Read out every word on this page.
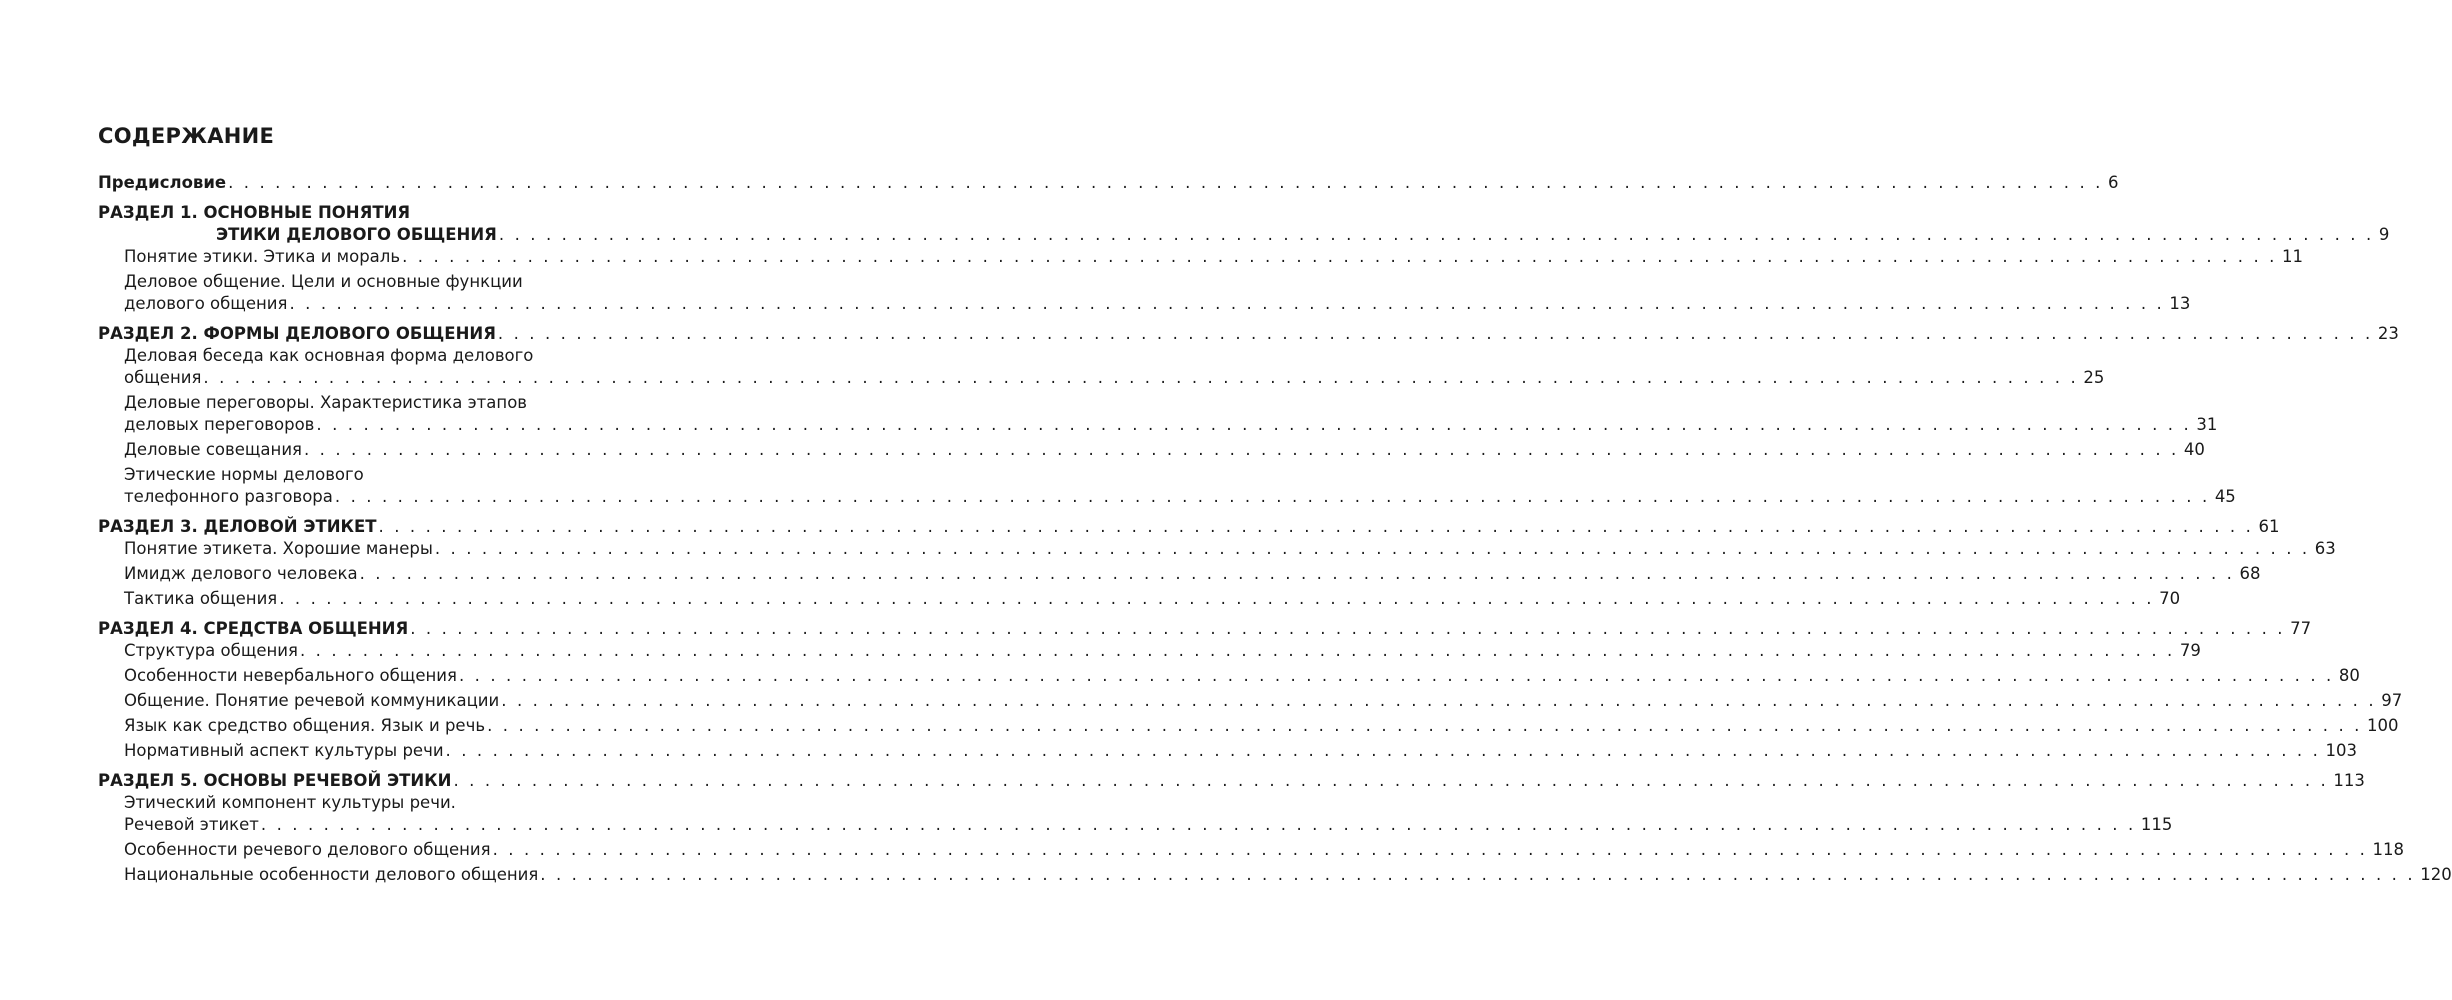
СОДЕРЖАНИЕ
Предисловие . . . . . . . . . . . . . . . . . . . . . . . . . . . . . . . . . . . . . . . . . . . . . . . . . . . . . . . . . . . . . . . . . . . . . . . . . . . . . . . . . . . . . . . . . . . . . . . . . . . . . . . . . . . . . . . . . . . . . . . . 6
РАЗДЕЛ 1. ОСНОВНЫЕ ПОНЯТИЯ
ЭТИКИ ДЕЛОВОГО ОБЩЕНИЯ . . . . . . . . . . . . . . . . . . . . . . . . . . . . . . . . . . . . . . . . . . . . . . . . . . . . . . . . . . . . . . . . . . . . . . . . . . . . . . . . . . . . . . . . . . . . . . . . . . . . . . . . . . . . . . . . . . . . . . . . 9
Понятие этики. Этика и мораль . . . . . . . . . . . . . . . . . . . . . . . . . . . . . . . . . . . . . . . . . . . . . . . . . . . . . . . . . . . . . . . . . . . . . . . . . . . . . . . . . . . . . . . . . . . . . . . . . . . . . . . . . . . . . . . . . . . . . . . . 11
Деловое общение. Цели и основные функции
делового общения . . . . . . . . . . . . . . . . . . . . . . . . . . . . . . . . . . . . . . . . . . . . . . . . . . . . . . . . . . . . . . . . . . . . . . . . . . . . . . . . . . . . . . . . . . . . . . . . . . . . . . . . . . . . . . . . . . . . . . . . 13
РАЗДЕЛ 2. ФОРМЫ ДЕЛОВОГО ОБЩЕНИЯ . . . . . . . . . . . . . . . . . . . . . . . . . . . . . . . . . . . . . . . . . . . . . . . . . . . . . . . . . . . . . . . . . . . . . . . . . . . . . . . . . . . . . . . . . . . . . . . . . . . . . . . . . . . . . . . . . . . . . . . . 23
Деловая беседа как основная форма делового
общения . . . . . . . . . . . . . . . . . . . . . . . . . . . . . . . . . . . . . . . . . . . . . . . . . . . . . . . . . . . . . . . . . . . . . . . . . . . . . . . . . . . . . . . . . . . . . . . . . . . . . . . . . . . . . . . . . . . . . . . . 25
Деловые переговоры. Характеристика этапов
деловых переговоров . . . . . . . . . . . . . . . . . . . . . . . . . . . . . . . . . . . . . . . . . . . . . . . . . . . . . . . . . . . . . . . . . . . . . . . . . . . . . . . . . . . . . . . . . . . . . . . . . . . . . . . . . . . . . . . . . . . . . . . . 31
Деловые совещания . . . . . . . . . . . . . . . . . . . . . . . . . . . . . . . . . . . . . . . . . . . . . . . . . . . . . . . . . . . . . . . . . . . . . . . . . . . . . . . . . . . . . . . . . . . . . . . . . . . . . . . . . . . . . . . . . . . . . . . . 40
Этические нормы делового
телефонного разговора . . . . . . . . . . . . . . . . . . . . . . . . . . . . . . . . . . . . . . . . . . . . . . . . . . . . . . . . . . . . . . . . . . . . . . . . . . . . . . . . . . . . . . . . . . . . . . . . . . . . . . . . . . . . . . . . . . . . . . . . 45
РАЗДЕЛ 3. ДЕЛОВОЙ ЭТИКЕТ . . . . . . . . . . . . . . . . . . . . . . . . . . . . . . . . . . . . . . . . . . . . . . . . . . . . . . . . . . . . . . . . . . . . . . . . . . . . . . . . . . . . . . . . . . . . . . . . . . . . . . . . . . . . . . . . . . . . . . . . 61
Понятие этикета. Хорошие манеры . . . . . . . . . . . . . . . . . . . . . . . . . . . . . . . . . . . . . . . . . . . . . . . . . . . . . . . . . . . . . . . . . . . . . . . . . . . . . . . . . . . . . . . . . . . . . . . . . . . . . . . . . . . . . . . . . . . . . . . . 63
Имидж делового человека . . . . . . . . . . . . . . . . . . . . . . . . . . . . . . . . . . . . . . . . . . . . . . . . . . . . . . . . . . . . . . . . . . . . . . . . . . . . . . . . . . . . . . . . . . . . . . . . . . . . . . . . . . . . . . . . . . . . . . . . 68
Тактика общения . . . . . . . . . . . . . . . . . . . . . . . . . . . . . . . . . . . . . . . . . . . . . . . . . . . . . . . . . . . . . . . . . . . . . . . . . . . . . . . . . . . . . . . . . . . . . . . . . . . . . . . . . . . . . . . . . . . . . . . . 70
РАЗДЕЛ 4. СРЕДСТВА ОБЩЕНИЯ . . . . . . . . . . . . . . . . . . . . . . . . . . . . . . . . . . . . . . . . . . . . . . . . . . . . . . . . . . . . . . . . . . . . . . . . . . . . . . . . . . . . . . . . . . . . . . . . . . . . . . . . . . . . . . . . . . . . . . . . 77
Структура общения . . . . . . . . . . . . . . . . . . . . . . . . . . . . . . . . . . . . . . . . . . . . . . . . . . . . . . . . . . . . . . . . . . . . . . . . . . . . . . . . . . . . . . . . . . . . . . . . . . . . . . . . . . . . . . . . . . . . . . . . 79
Особенности невербального общения . . . . . . . . . . . . . . . . . . . . . . . . . . . . . . . . . . . . . . . . . . . . . . . . . . . . . . . . . . . . . . . . . . . . . . . . . . . . . . . . . . . . . . . . . . . . . . . . . . . . . . . . . . . . . . . . . . . . . . . . 80
Общение. Понятие речевой коммуникации . . . . . . . . . . . . . . . . . . . . . . . . . . . . . . . . . . . . . . . . . . . . . . . . . . . . . . . . . . . . . . . . . . . . . . . . . . . . . . . . . . . . . . . . . . . . . . . . . . . . . . . . . . . . . . . . . . . . . . . . 97
Язык как средство общения. Язык и речь . . . . . . . . . . . . . . . . . . . . . . . . . . . . . . . . . . . . . . . . . . . . . . . . . . . . . . . . . . . . . . . . . . . . . . . . . . . . . . . . . . . . . . . . . . . . . . . . . . . . . . . . . . . . . . . . . . . . . . . . 100
Нормативный аспект культуры речи . . . . . . . . . . . . . . . . . . . . . . . . . . . . . . . . . . . . . . . . . . . . . . . . . . . . . . . . . . . . . . . . . . . . . . . . . . . . . . . . . . . . . . . . . . . . . . . . . . . . . . . . . . . . . . . . . . . . . . . . 103
РАЗДЕЛ 5. ОСНОВЫ РЕЧЕВОЙ ЭТИКИ . . . . . . . . . . . . . . . . . . . . . . . . . . . . . . . . . . . . . . . . . . . . . . . . . . . . . . . . . . . . . . . . . . . . . . . . . . . . . . . . . . . . . . . . . . . . . . . . . . . . . . . . . . . . . . . . . . . . . . . . 113
Этический компонент культуры речи.
Речевой этикет . . . . . . . . . . . . . . . . . . . . . . . . . . . . . . . . . . . . . . . . . . . . . . . . . . . . . . . . . . . . . . . . . . . . . . . . . . . . . . . . . . . . . . . . . . . . . . . . . . . . . . . . . . . . . . . . . . . . . . . . 115
Особенности речевого делового общения . . . . . . . . . . . . . . . . . . . . . . . . . . . . . . . . . . . . . . . . . . . . . . . . . . . . . . . . . . . . . . . . . . . . . . . . . . . . . . . . . . . . . . . . . . . . . . . . . . . . . . . . . . . . . . . . . . . . . . . . 118
Национальные особенности делового общения . . . . . . . . . . . . . . . . . . . . . . . . . . . . . . . . . . . . . . . . . . . . . . . . . . . . . . . . . . . . . . . . . . . . . . . . . . . . . . . . . . . . . . . . . . . . . . . . . . . . . . . . . . . . . . . . . . . . . . . . 120
